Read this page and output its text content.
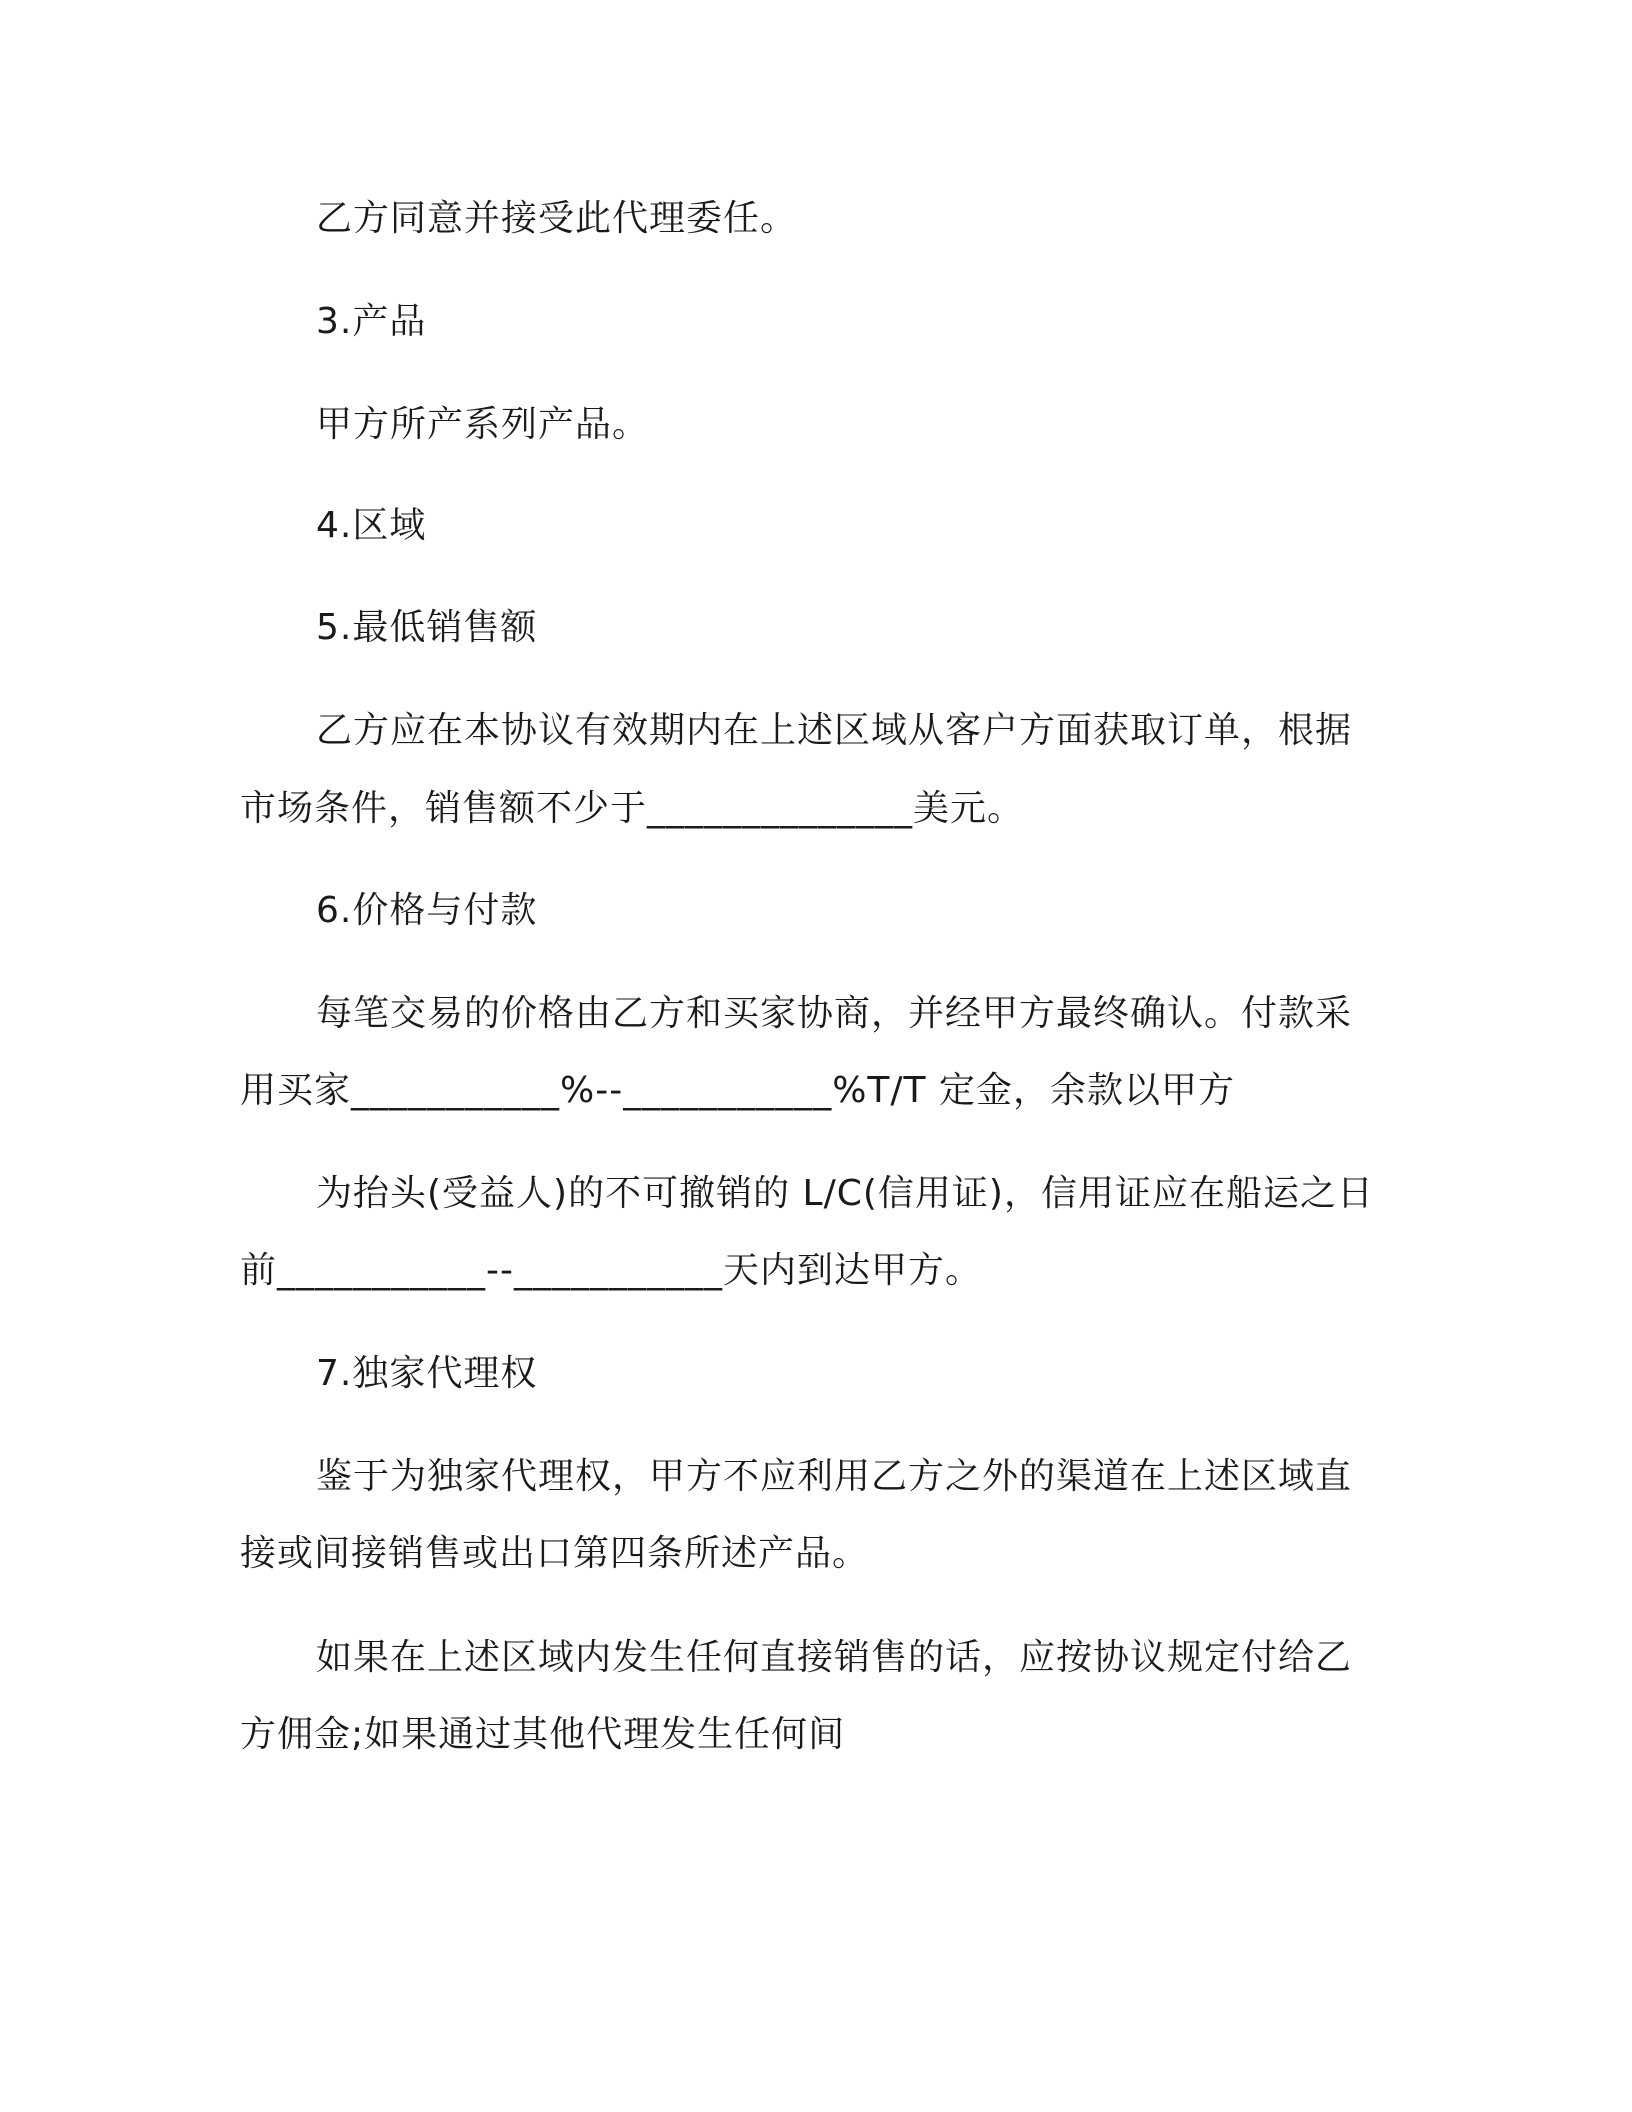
乙方同意并接受此代理委任。
3.产品
甲方所产系列产品。
4.区域
5.最低销售额
乙方应在本协议有效期内在上述区域从客户方面获取订单，根据
市场条件，销售额不少于______________美元。
6.价格与付款
每笔交易的价格由乙方和买家协商，并经甲方最终确认。付款采
用买家___________%--___________%T/T 定金，余款以甲方
为抬头(受益人)的不可撤销的 L/C(信用证)，信用证应在船运之日
前___________--___________天内到达甲方。
7.独家代理权
鉴于为独家代理权，甲方不应利用乙方之外的渠道在上述区域直
接或间接销售或出口第四条所述产品。
如果在上述区域内发生任何直接销售的话，应按协议规定付给乙
方佣金;如果通过其他代理发生任何间
